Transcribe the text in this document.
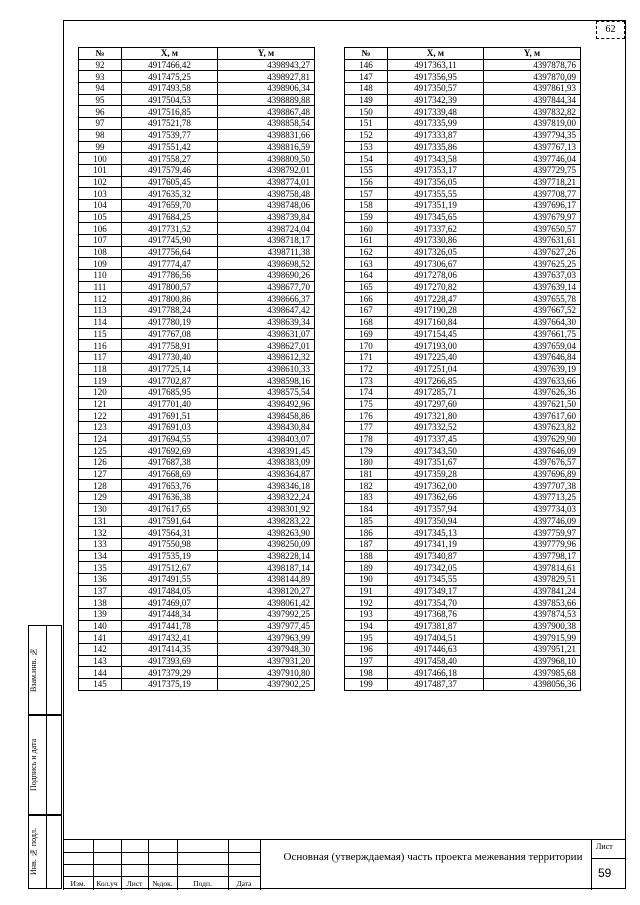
62
№	X, м	Y, м
92	4917466,42	4398943,27
93	4917475,25	4398927,81
94	4917493,58	4398906,34
95	4917504,53	4398889,88
96	4917516,85	4398867,48
97	4917521,78	4398858,54
98	4917539,77	4398831,66
99	4917551,42	4398816,59
100	4917558,27	4398809,50
101	4917579,46	4398792,01
102	4917605,45	4398774,01
103	4917635,32	4398758,48
104	4917659,70	4398748,06
105	4917684,25	4398739,84
106	4917731,52	4398724,04
107	4917745,90	4398718,17
108	4917756,64	4398711,38
109	4917774,47	4398698,52
110	4917786,56	4398690,26
111	4917800,57	4398677,70
112	4917800,86	4398666,37
113	4917788,24	4398647,42
114	4917780,19	4398639,34
115	4917767,08	4398631,07
116	4917758,91	4398627,01
117	4917730,40	4398612,32
118	4917725,14	4398610,33
119	4917702,87	4398598,16
120	4917685,95	4398575,54
121	4917701,40	4398492,96
122	4917691,51	4398458,86
123	4917691,03	4398430,84
124	4917694,55	4398403,07
125	4917692,69	4398391,45
126	4917687,38	4398383,09
127	4917668,69	4398364,87
128	4917653,76	4398346,18
129	4917636,38	4398322,24
130	4917617,65	4398301,92
131	4917591,64	4398283,22
132	4917564,31	4398263,90
133	4917550,98	4398250,09
134	4917535,19	4398228,14
135	4917512,67	4398187,14
136	4917491,55	4398144,89
137	4917484,05	4398120,27
138	4917469,07	4398061,42
139	4917448,34	4397992,25
140	4917441,78	4397977,45
141	4917432,41	4397963,99
142	4917414,35	4397948,30
143	4917393,69	4397931,20
144	4917379,29	4397910,80
145	4917375,19	4397902,25
№	X, м	Y, м
146	4917363,11	4397878,76
147	4917356,95	4397870,09
148	4917350,57	4397861,93
149	4917342,39	4397844,34
150	4917339,48	4397832,82
151	4917335,99	4397819,00
152	4917333,87	4397794,35
153	4917335,86	4397767,13
154	4917343,58	4397746,04
155	4917353,17	4397729,75
156	4917356,05	4397718,21
157	4917355,55	4397708,77
158	4917351,19	4397696,17
159	4917345,65	4397679,97
160	4917337,62	4397650,57
161	4917330,86	4397631,61
162	4917326,05	4397627,26
163	4917306,67	4397625,25
164	4917278,06	4397637,03
165	4917270,82	4397639,14
166	4917228,47	4397655,78
167	4917190,28	4397667,52
168	4917160,84	4397664,30
169	4917154,45	4397661,75
170	4917193,00	4397659,04
171	4917225,40	4397646,84
172	4917251,04	4397639,19
173	4917266,85	4397633,66
174	4917285,71	4397626,36
175	4917297,60	4397621,50
176	4917321,80	4397617,60
177	4917332,52	4397623,82
178	4917337,45	4397629,90
179	4917343,50	4397646,09
180	4917351,67	4397676,57
181	4917359,28	4397696,89
182	4917362,00	4397707,38
183	4917362,66	4397713,25
184	4917357,94	4397734,03
185	4917350,94	4397746,09
186	4917345,13	4397759,97
187	4917341,19	4397779,96
188	4917340,87	4397798,17
189	4917342,05	4397814,61
190	4917345,55	4397829,51
191	4917349,17	4397841,24
192	4917354,70	4397853,66
193	4917368,76	4397874,53
194	4917381,87	4397900,38
195	4917404,51	4397915,99
196	4917446,63	4397951,21
197	4917458,40	4397968,10
198	4917466,18	4397985,68
199	4917487,37	4398056,36
Взам.инв. №
Подпись и дата
Инв. № подл.
Изм.	Кол.уч	Лист	№док.	Подп.	Дата
Основная (утверждаемая) часть проекта межевания территории
Лист
59
